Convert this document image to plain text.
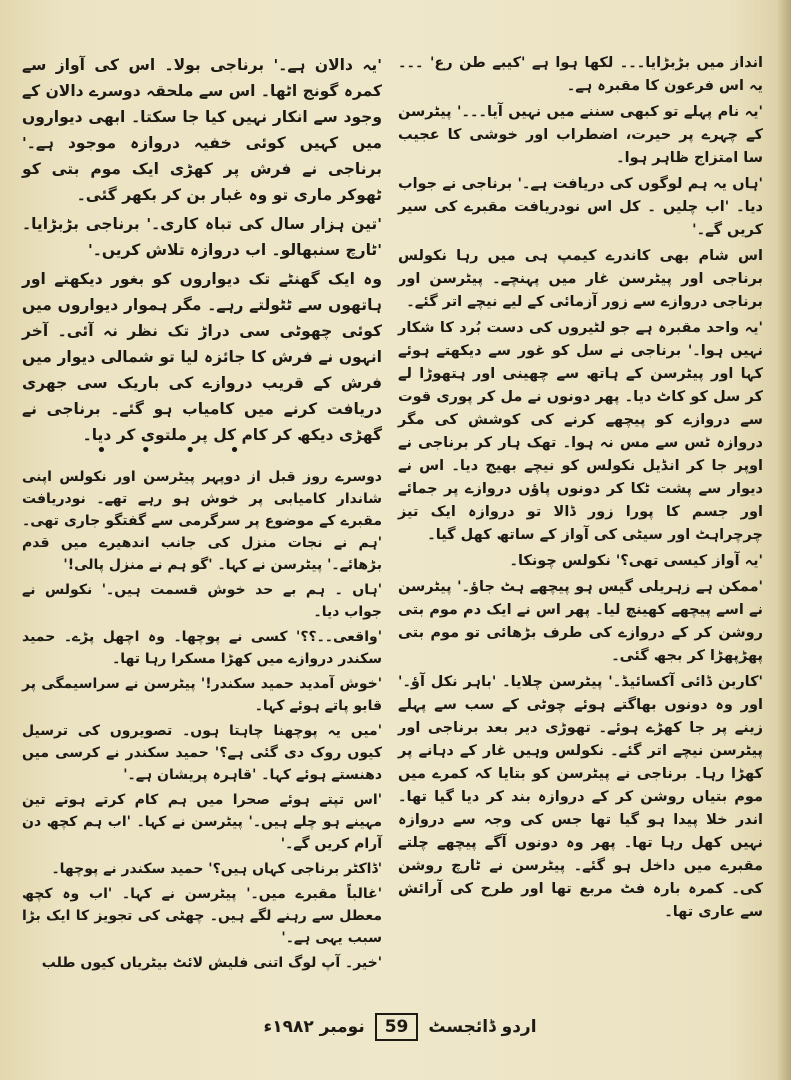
انداز میں بڑبڑایا۔۔۔ لکھا ہوا ہے 'کیبے طن رع' ۔۔۔ یہ اس فرعون کا مقبرہ ہے۔

'یہ نام پہلے تو کبھی سننے میں نہیں آیا۔۔۔' پیٹرسن کے چہرے پر حیرت، اضطراب اور خوشی کا عجیب سا امتزاج ظاہر ہوا۔

'ہاں یہ ہم لوگوں کی دریافت ہے۔' برناجی نے جواب دیا۔ 'اب چلیں ۔ کل اس نودریافت مقبرے کی سیر کریں گے۔'

اس شام بھی کاندرے کیمپ ہی میں رہا نکولس برناجی اور پیٹرسن غار میں پہنچے۔ پیٹرسن اور برناجی دروازے سے زور آزمائی کے لیے نیچے اتر گئے۔

'یہ واحد مقبرہ ہے جو لٹیروں کی دست بُرد کا شکار نہیں ہوا۔' برناجی نے سل کو غور سے دیکھتے ہوئے کہا اور پیٹرسن کے ہاتھ سے چھینی اور ہتھوڑا لے کر سل کو کاٹ دیا۔ پھر دونوں نے مل کر پوری قوت سے دروازے کو پیچھے کرنے کی کوشش کی مگر دروازہ ٹس سے مس نہ ہوا۔ تھک ہار کر برناجی نے اوپر جا کر انڈیل نکولس کو نیچے بھیج دیا۔ اس نے دیوار سے پشت ٹکا کر دونوں پاؤں دروازے پر جمائے اور جسم کا پورا زور ڈالا تو دروازہ ایک تیز چرچراہٹ اور سیٹی کی آواز کے ساتھ کھل گیا۔

'یہ آواز کیسی تھی؟' نکولس چونکا۔

'ممکن ہے زہریلی گیس ہو پیچھے ہٹ جاؤ۔' پیٹرسن نے اسے پیچھے کھینچ لیا۔ پھر اس نے ایک دم موم بتی روشن کر کے دروازے کی طرف بڑھائی تو موم بتی پھڑپھڑا کر بجھ گئی۔

'کاربن ڈائی آکسائیڈ۔' پیٹرسن چلایا۔ 'باہر نکل آؤ۔' اور وہ دونوں بھاگتے ہوئے چوٹی کے سب سے پہلے زینے پر جا کھڑے ہوئے۔ تھوڑی دیر بعد برناجی اور پیٹرسن نیچے اتر گئے۔ نکولس وہیں غار کے دہانے پر کھڑا رہا۔ برناجی نے پیٹرسن کو بتایا کہ کمرے میں موم بتیاں روشن کر کے دروازہ بند کر دیا گیا تھا۔ اندر خلا پیدا ہو گیا تھا جس کی وجہ سے دروازہ نہیں کھل رہا تھا۔ پھر وہ دونوں آگے پیچھے چلتے مقبرے میں داخل ہو گئے۔ پیٹرسن نے ٹارچ روشن کی۔ کمرہ بارہ فٹ مربع تھا اور طرح کی آرائش سے عاری تھا۔

'یہ دالان ہے۔' برناجی بولا۔ اس کی آواز سے کمرہ گونج اٹھا۔ اس سے ملحقہ دوسرے دالان کے وجود سے انکار نہیں کیا جا سکتا۔ ابھی دیواروں میں کہیں کوئی خفیہ دروازہ موجود ہے۔' برناجی نے فرش پر کھڑی ایک موم بتی کو ٹھوکر ماری تو وہ غبار بن کر بکھر گئی۔

'تین ہزار سال کی تباہ کاری۔' برناجی بڑبڑایا۔ 'ٹارچ سنبھالو۔ اب دروازہ تلاش کریں۔'

وہ ایک گھنٹے تک دیواروں کو بغور دیکھتے اور ہاتھوں سے ٹٹولتے رہے۔ مگر ہموار دیواروں میں کوئی چھوٹی سی دراڑ تک نظر نہ آئی۔ آخر انہوں نے فرش کا جائزہ لیا تو شمالی دیوار میں فرش کے قریب دروازے کی باریک سی جھری دریافت کرنے میں کامیاب ہو گئے۔ برناجی نے گھڑی دیکھ کر کام کل پر ملتوی کر دیا۔

• • • •

دوسرے روز قبل از دوپہر پیٹرسن اور نکولس اپنی شاندار کامیابی پر خوش ہو رہے تھے۔ نودریافت مقبرے کے موضوع پر سرگرمی سے گفتگو جاری تھی۔ 'ہم نے نجات منزل کی جانب اندھیرے میں قدم بڑھائے۔' پیٹرسن نے کہا۔ 'گو ہم نے منزل پالی!'

'ہاں ۔ ہم بے حد خوش قسمت ہیں۔' نکولس نے جواب دیا۔

'واقعی۔۔؟؟' کسی نے پوچھا۔ وہ اچھل پڑے۔ حمید سکندر دروازے میں کھڑا مسکرا رہا تھا۔

'خوش آمدید حمید سکندر!' پیٹرسن نے سراسیمگی پر قابو پاتے ہوئے کہا۔

'میں یہ پوچھنا چاہتا ہوں۔ تصویروں کی ترسیل کیوں روک دی گئی ہے؟' حمید سکندر نے کرسی میں دھنستے ہوئے کہا۔ 'قاہرہ پریشان ہے۔'

'اس تپتے ہوئے صحرا میں ہم کام کرتے ہوتے تین مہینے ہو چلے ہیں۔' پیٹرسن نے کہا۔ 'اب ہم کچھ دن آرام کریں گے۔'

'ڈاکٹر برناجی کہاں ہیں؟' حمید سکندر نے پوچھا۔

'غالباً مقبرے میں۔' پیٹرسن نے کہا۔ 'اب وہ کچھ معطل سے رہنے لگے ہیں۔ چھٹی کی تجویز کا ایک بڑا سبب یہی ہے۔'

'خیر۔ آپ لوگ اتنی فلیش لائٹ بیٹریاں کیوں طلب

اردو ڈائجسٹ
59
نومبر ۱۹۸۲ء
